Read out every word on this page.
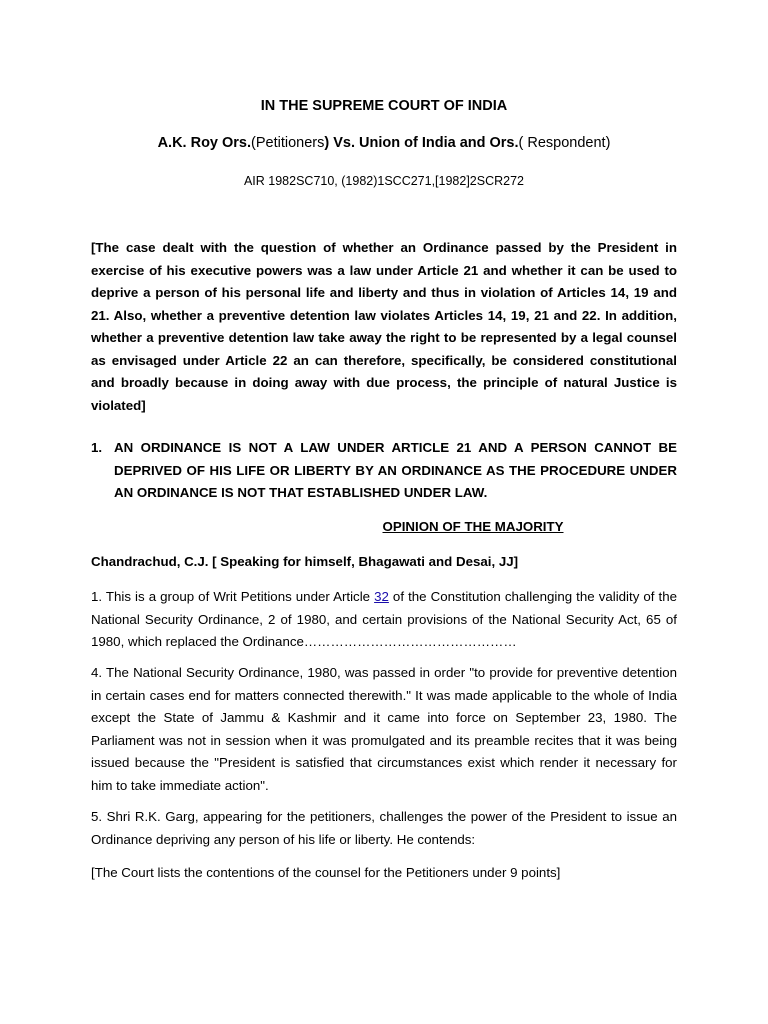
IN THE SUPREME COURT OF INDIA
A.K. Roy Ors.(Petitioners) Vs. Union of India and Ors.( Respondent)
AIR 1982SC710, (1982)1SCC271,[1982]2SCR272
[The case dealt with the question of whether an Ordinance passed by the President in exercise of his executive powers was a law under Article 21 and whether it can be used to deprive a person of his personal life and liberty and thus in violation of Articles 14, 19 and 21. Also, whether a preventive detention law violates Articles 14, 19, 21 and 22. In addition, whether a preventive detention law take away the right to be represented by a legal counsel as envisaged under Article 22 an can therefore, specifically, be considered constitutional and broadly because in doing away with due process, the principle of natural Justice is violated]
1. AN ORDINANCE IS NOT A LAW UNDER ARTICLE 21 AND A PERSON CANNOT BE DEPRIVED OF HIS LIFE OR LIBERTY BY AN ORDINANCE AS THE PROCEDURE UNDER AN ORDINANCE IS NOT THAT ESTABLISHED UNDER LAW.
OPINION OF THE MAJORITY
Chandrachud, C.J. [ Speaking for himself, Bhagawati and Desai, JJ]
1. This is a group of Writ Petitions under Article 32 of the Constitution challenging the validity of the National Security Ordinance, 2 of 1980, and certain provisions of the National Security Act, 65 of 1980, which replaced the Ordinance…………………………………………
4. The National Security Ordinance, 1980, was passed in order "to provide for preventive detention in certain cases end for matters connected therewith." It was made applicable to the whole of India except the State of Jammu & Kashmir and it came into force on September 23, 1980. The Parliament was not in session when it was promulgated and its preamble recites that it was being issued because the "President is satisfied that circumstances exist which render it necessary for him to take immediate action".
5. Shri R.K. Garg, appearing for the petitioners, challenges the power of the President to issue an Ordinance depriving any person of his life or liberty. He contends:
[The Court lists the contentions of the counsel for the Petitioners under 9 points]
